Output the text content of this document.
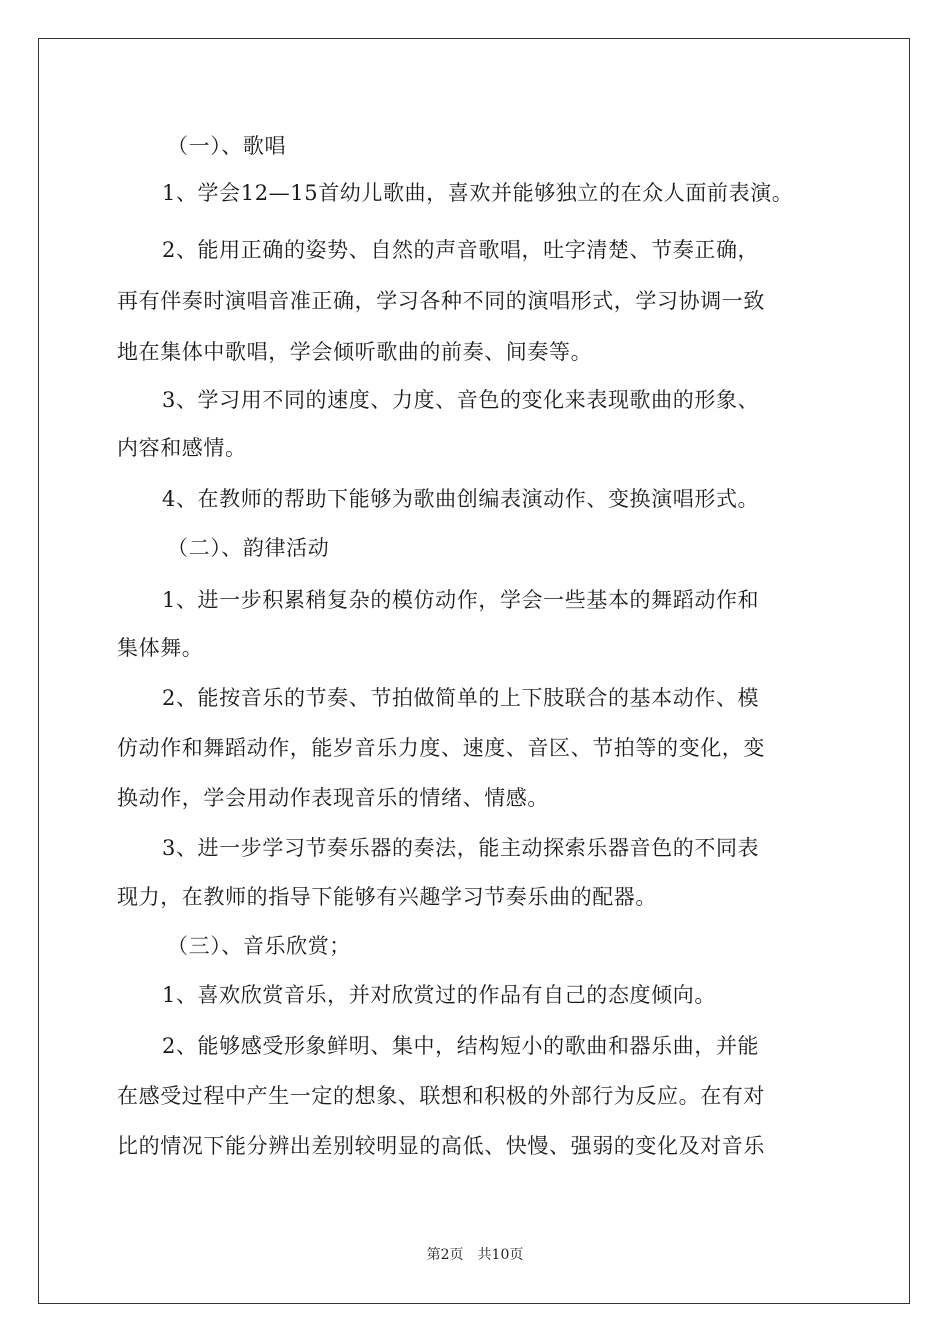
（一）、歌唱
1、学会12—15首幼儿歌曲，喜欢并能够独立的在众人面前表演。
2、能用正确的姿势、自然的声音歌唱，吐字清楚、节奏正确，
再有伴奏时演唱音准正确，学习各种不同的演唱形式，学习协调一致
地在集体中歌唱，学会倾听歌曲的前奏、间奏等。
3、学习用不同的速度、力度、音色的变化来表现歌曲的形象、
内容和感情。
4、在教师的帮助下能够为歌曲创编表演动作、变换演唱形式。
（二）、韵律活动
1、进一步积累稍复杂的模仿动作，学会一些基本的舞蹈动作和
集体舞。
2、能按音乐的节奏、节拍做简单的上下肢联合的基本动作、模
仿动作和舞蹈动作，能岁音乐力度、速度、音区、节拍等的变化，变
换动作，学会用动作表现音乐的情绪、情感。
3、进一步学习节奏乐器的奏法，能主动探索乐器音色的不同表
现力，在教师的指导下能够有兴趣学习节奏乐曲的配器。
（三）、音乐欣赏；
1、喜欢欣赏音乐，并对欣赏过的作品有自己的态度倾向。
2、能够感受形象鲜明、集中，结构短小的歌曲和器乐曲，并能
在感受过程中产生一定的想象、联想和积极的外部行为反应。在有对
比的情况下能分辨出差别较明显的高低、快慢、强弱的变化及对音乐
第2页 共10页
